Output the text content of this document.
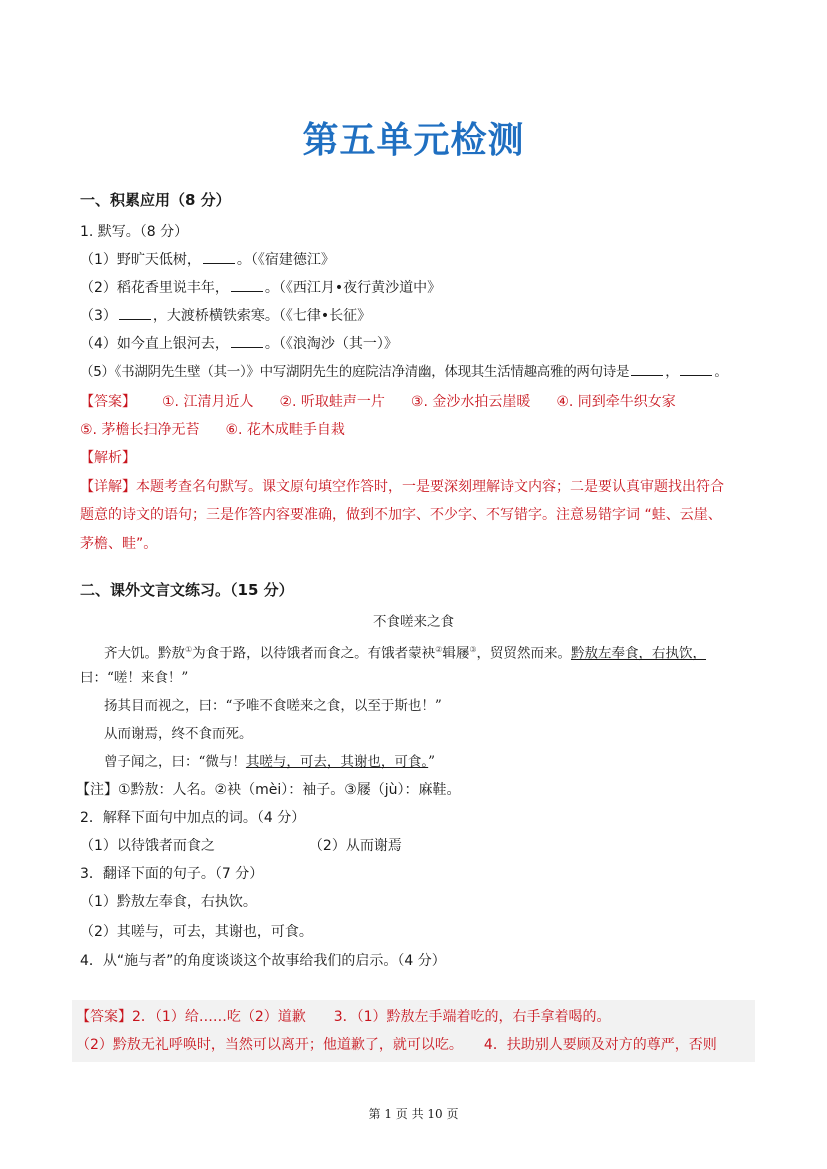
第五单元检测
一、积累应用（8 分）
1. 默写。（8 分）
（1）野旷天低树，	。（《宿建德江》
（2）稻花香里说丰年，	。（《西江月•夜行黄沙道中》
（3）	，大渡桥横铁索寒。（《七律•长征》
（4）如今直上银河去，	。（《浪淘沙（其一）》
（5）《书湖阴先生壁（其一）》中写湖阴先生的庭院洁净清幽，体现其生活情趣高雅的两句诗是	，	。
【答案】 ①. 江清月近人 ②. 听取蛙声一片 ③. 金沙水拍云崖暖 ④. 同到牵牛织女家
⑤. 茅檐长扫净无苔 ⑥. 花木成畦手自栽
【解析】
【详解】本题考查名句默写。课文原句填空作答时，一是要深刻理解诗文内容；二是要认真审题找出符合
题意的诗文的语句；三是作答内容要准确，做到不加字、不少字、不写错字。注意易错字词 “蛙、云崖、
茅檐、畦”。
二、课外文言文练习。（15 分）
不食嗟来之食
齐大饥。黔敖①为食于路，以待饿者而食之。有饿者蒙袂②辑屦③，贸贸然而来。黔敖左奉食，右执饮，
曰：“嗟！来食！”
扬其目而视之，曰：“予唯不食嗟来之食，以至于斯也！”
从而谢焉，终不食而死。
曾子闻之，曰：“微与！其嗟与，可去，其谢也，可食。”
【注】①黔敖：人名。②袂（mèi）：袖子。③屦（jù）：麻鞋。
2．解释下面句中加点的词。（4 分）
（1）以待饿者而食之	（2）从而谢焉
3．翻译下面的句子。（7 分）
（1）黔敖左奉食，右执饮。
（2）其嗟与，可去，其谢也，可食。
4．从“施与者”的角度谈谈这个故事给我们的启示。（4 分）
【答案】2．（1）给……吃（2）道歉　　3．（1）黔敖左手端着吃的，右手拿着喝的。
（2）黔敖无礼呼唤时，当然可以离开；他道歉了，就可以吃。　　4．扶助别人要顾及对方的尊严，否则
第 1 页 共 10 页
